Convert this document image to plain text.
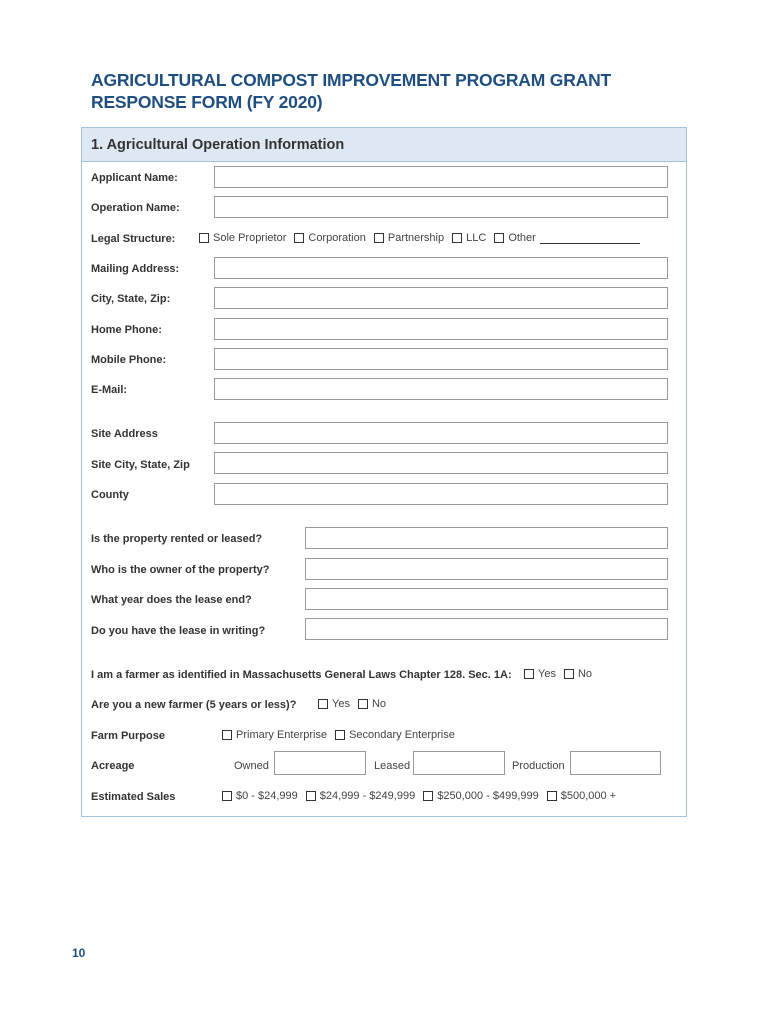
AGRICULTURAL COMPOST IMPROVEMENT PROGRAM GRANT
RESPONSE FORM (FY 2020)
1. Agricultural Operation Information
Applicant Name:
Operation Name:
Legal Structure:	Sole Proprietor Corporation Partnership LLC Other
Mailing Address:
City, State, Zip:
Home Phone:
Mobile Phone:
E-Mail:
Site Address
Site City, State, Zip
County
Is the property rented or leased?
Who is the owner of the property?
What year does the lease end?
Do you have the lease in writing?
I am a farmer as identified in Massachusetts General Laws Chapter 128. Sec. 1A: Yes No
Are you a new farmer (5 years or less)?	Yes No
Farm Purpose	Primary Enterprise Secondary Enterprise
Acreage	Owned	Leased	Production
Estimated Sales	$0 - $24,999 $24,999 - $249,999 $250,000 - $499,999 $500,000 +
10
